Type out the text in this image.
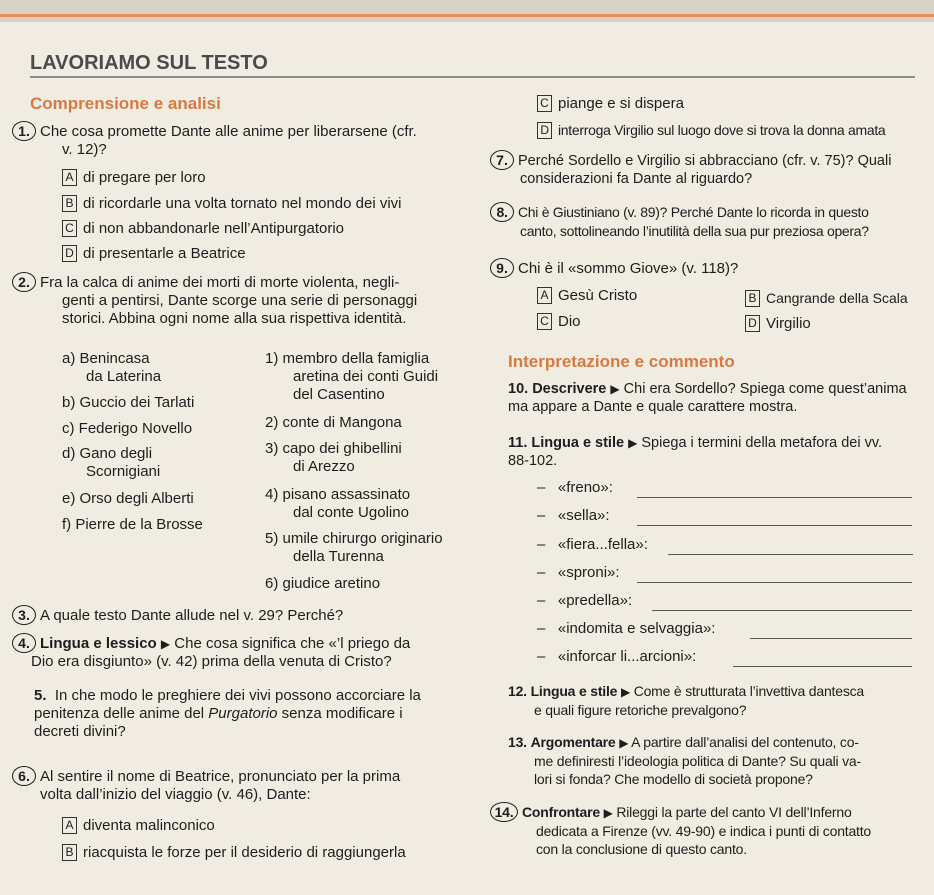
LAVORIAMO SUL TESTO
Comprensione e analisi
1. Che cosa promette Dante alle anime per liberarsene (cfr.
v. 12)?
A di pregare per loro
B di ricordarle una volta tornato nel mondo dei vivi
C di non abbandonarle nell’Antipurgatorio
D di presentarle a Beatrice
2. Fra la calca di anime dei morti di morte violenta, negli-
genti a pentirsi, Dante scorge una serie di personaggi
storici. Abbina ogni nome alla sua rispettiva identità.
a) Benincasa
da Laterina
b) Guccio dei Tarlati
c) Federigo Novello
d) Gano degli
Scornigiani
e) Orso degli Alberti
f) Pierre de la Brosse
1) membro della famiglia
aretina dei conti Guidi
del Casentino
2) conte di Mangona
3) capo dei ghibellini
di Arezzo
4) pisano assassinato
dal conte Ugolino
5) umile chirurgo originario
della Turenna
6) giudice aretino
3. A quale testo Dante allude nel v. 29? Perché?
4. Lingua e lessico ▶ Che cosa significa che «’l priego da
Dio era disgiunto» (v. 42) prima della venuta di Cristo?
5. In che modo le preghiere dei vivi possono accorciare la
penitenza delle anime del Purgatorio senza modificare i
decreti divini?
6. Al sentire il nome di Beatrice, pronunciato per la prima
volta dall’inizio del viaggio (v. 46), Dante:
A diventa malinconico
B riacquista le forze per il desiderio di raggiungerla
C piange e si dispera
D interroga Virgilio sul luogo dove si trova la donna amata
7. Perché Sordello e Virgilio si abbracciano (cfr. v. 75)? Quali
considerazioni fa Dante al riguardo?
8. Chi è Giustiniano (v. 89)? Perché Dante lo ricorda in questo
canto, sottolineando l’inutilità della sua pur preziosa opera?
9. Chi è il «sommo Giove» (v. 118)?
A Gesù Cristo	B Cangrande della Scala
C Dio	D Virgilio
Interpretazione e commento
10. Descrivere ▶ Chi era Sordello? Spiega come quest’anima
ma appare a Dante e quale carattere mostra.
11. Lingua e stile ▶ Spiega i termini della metafora dei vv.
88-102.
–   «freno»:
–   «sella»:
–   «fiera...fella»:
–   «sproni»:
–   «predella»:
–   «indomita e selvaggia»:
–   «inforcar li...arcioni»:
12. Lingua e stile ▶ Come è strutturata l’invettiva dantesca
e quali figure retoriche prevalgono?
13. Argomentare ▶ A partire dall’analisi del contenuto, co-
me definiresti l’ideologia politica di Dante? Su quali va-
lori si fonda? Che modello di società propone?
14. Confrontare ▶ Rileggi la parte del canto VI dell’Inferno
dedicata a Firenze (vv. 49-90) e indica i punti di contatto
con la conclusione di questo canto.
